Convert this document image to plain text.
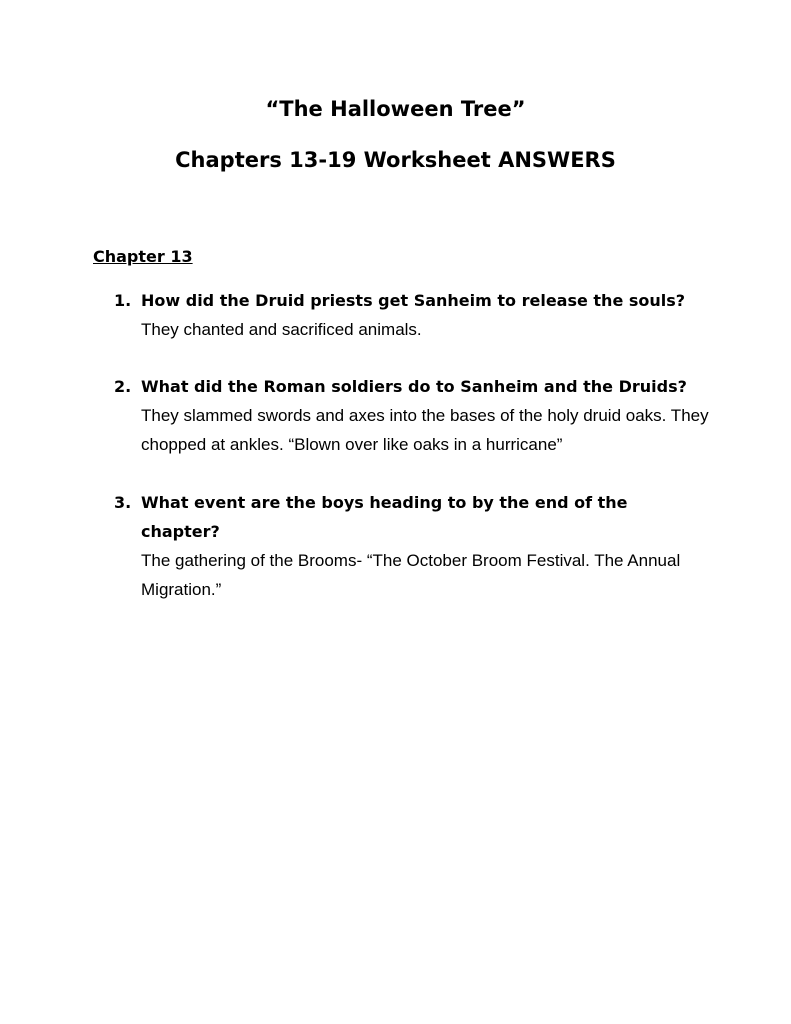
“The Halloween Tree”
Chapters 13-19 Worksheet ANSWERS
Chapter 13
1. How did the Druid priests get Sanheim to release the souls?

They chanted and sacrificed animals.

2. What did the Roman soldiers do to Sanheim and the Druids?

They slammed swords and axes into the bases of the holy druid oaks. They chopped at ankles. “Blown over like oaks in a hurricane”

3. What event are the boys heading to by the end of the chapter?

The gathering of the Brooms- “The October Broom Festival. The Annual Migration.”
